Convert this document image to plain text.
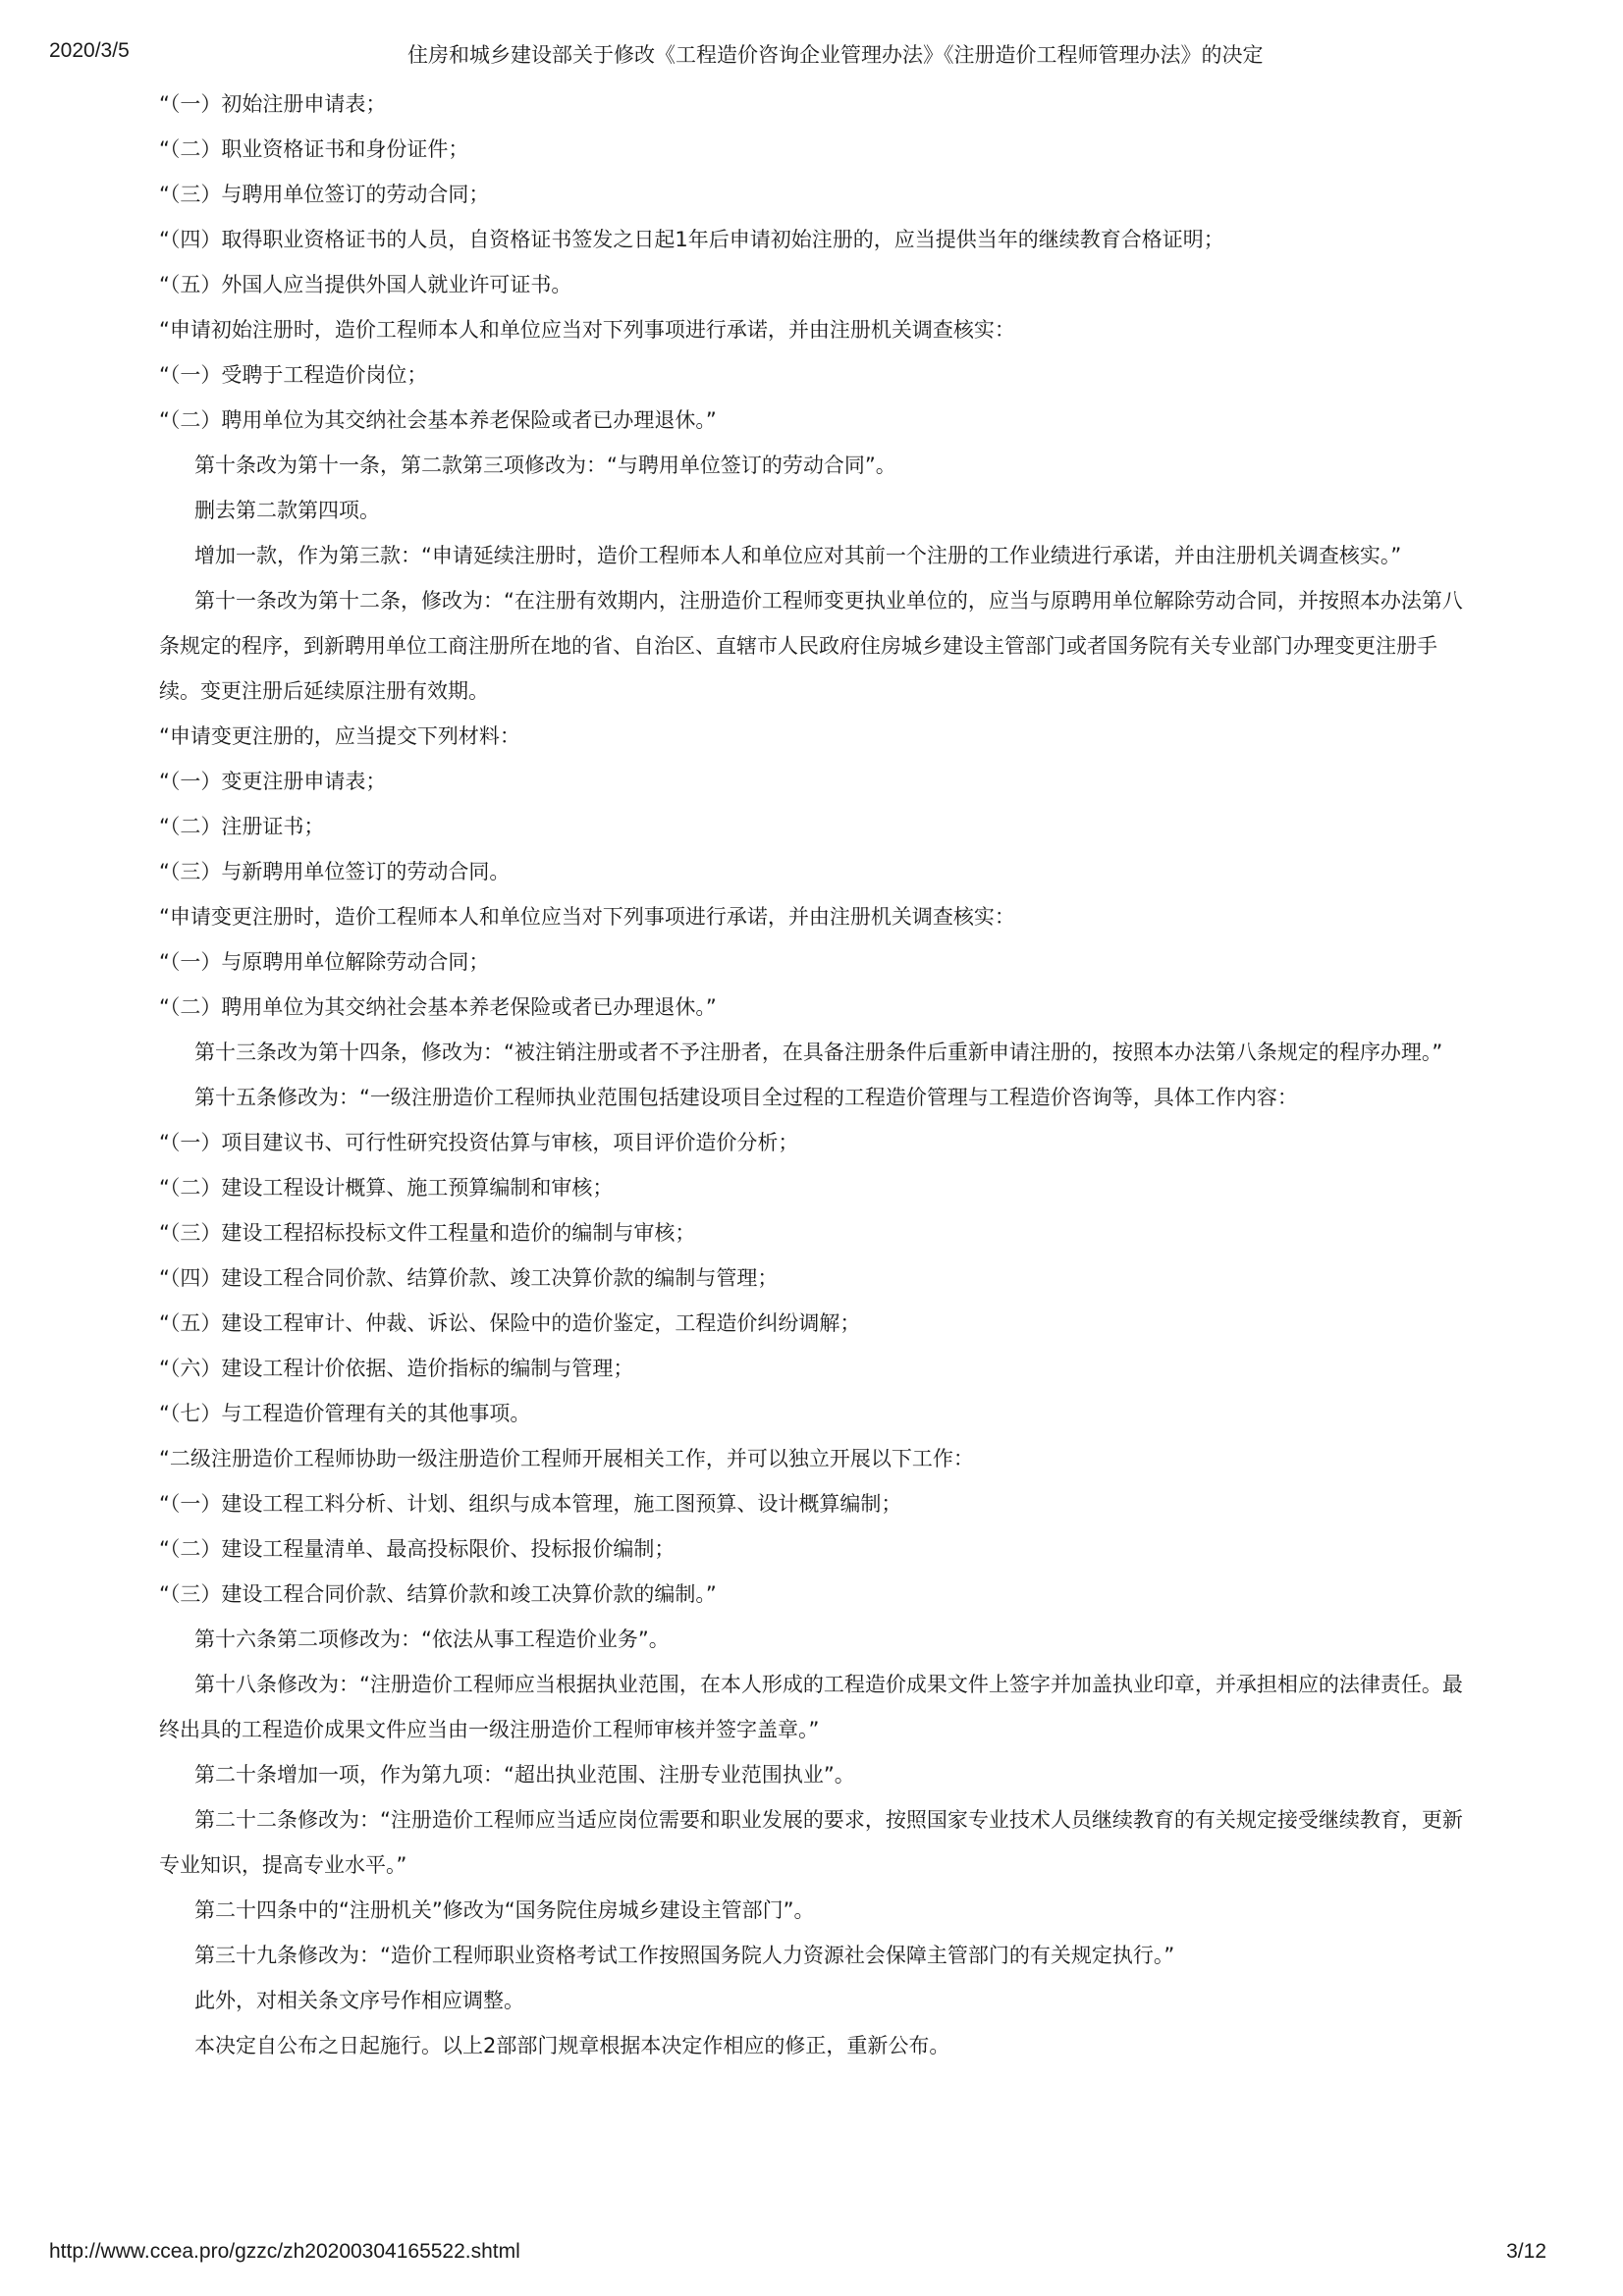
2020/3/5	住房和城乡建设部关于修改《工程造价咨询企业管理办法》《注册造价工程师管理办法》的决定

“（一）初始注册申请表；

“（二）职业资格证书和身份证件；

“（三）与聘用单位签订的劳动合同；

“（四）取得职业资格证书的人员，自资格证书签发之日起1年后申请初始注册的，应当提供当年的继续教育合格证明；

“（五）外国人应当提供外国人就业许可证书。

“申请初始注册时，造价工程师本人和单位应当对下列事项进行承诺，并由注册机关调查核实：

“（一）受聘于工程造价岗位；

“（二）聘用单位为其交纳社会基本养老保险或者已办理退休。”

第十条改为第十一条，第二款第三项修改为：“与聘用单位签订的劳动合同”。

删去第二款第四项。

增加一款，作为第三款：“申请延续注册时，造价工程师本人和单位应对其前一个注册的工作业绩进行承诺，并由注册机关调查核实。”

第十一条改为第十二条，修改为：“在注册有效期内，注册造价工程师变更执业单位的，应当与原聘用单位解除劳动合同，并按照本办法第八条规定的程序，到新聘用单位工商注册所在地的省、自治区、直辖市人民政府住房城乡建设主管部门或者国务院有关专业部门办理变更注册手续。变更注册后延续原注册有效期。

“申请变更注册的，应当提交下列材料：

“（一）变更注册申请表；

“（二）注册证书；

“（三）与新聘用单位签订的劳动合同。

“申请变更注册时，造价工程师本人和单位应当对下列事项进行承诺，并由注册机关调查核实：

“（一）与原聘用单位解除劳动合同；

“（二）聘用单位为其交纳社会基本养老保险或者已办理退休。”

第十三条改为第十四条，修改为：“被注销注册或者不予注册者，在具备注册条件后重新申请注册的，按照本办法第八条规定的程序办理。”

第十五条修改为：“一级注册造价工程师执业范围包括建设项目全过程的工程造价管理与工程造价咨询等，具体工作内容：

“（一）项目建议书、可行性研究投资估算与审核，项目评价造价分析；

“（二）建设工程设计概算、施工预算编制和审核；

“（三）建设工程招标投标文件工程量和造价的编制与审核；

“（四）建设工程合同价款、结算价款、竣工决算价款的编制与管理；

“（五）建设工程审计、仲裁、诉讼、保险中的造价鉴定，工程造价纠纷调解；

“（六）建设工程计价依据、造价指标的编制与管理；

“（七）与工程造价管理有关的其他事项。

“二级注册造价工程师协助一级注册造价工程师开展相关工作，并可以独立开展以下工作：

“（一）建设工程工料分析、计划、组织与成本管理，施工图预算、设计概算编制；

“（二）建设工程量清单、最高投标限价、投标报价编制；

“（三）建设工程合同价款、结算价款和竣工决算价款的编制。”

第十六条第二项修改为：“依法从事工程造价业务”。

第十八条修改为：“注册造价工程师应当根据执业范围，在本人形成的工程造价成果文件上签字并加盖执业印章，并承担相应的法律责任。最终出具的工程造价成果文件应当由一级注册造价工程师审核并签字盖章。”

第二十条增加一项，作为第九项：“超出执业范围、注册专业范围执业”。

第二十二条修改为：“注册造价工程师应当适应岗位需要和职业发展的要求，按照国家专业技术人员继续教育的有关规定接受继续教育，更新专业知识，提高专业水平。”

第二十四条中的“注册机关”修改为“国务院住房城乡建设主管部门”。

第三十九条修改为：“造价工程师职业资格考试工作按照国务院人力资源社会保障主管部门的有关规定执行。”

此外，对相关条文序号作相应调整。

本决定自公布之日起施行。以上2部部门规章根据本决定作相应的修正，重新公布。

http://www.ccea.pro/gzzc/zh20200304165522.shtml	3/12
